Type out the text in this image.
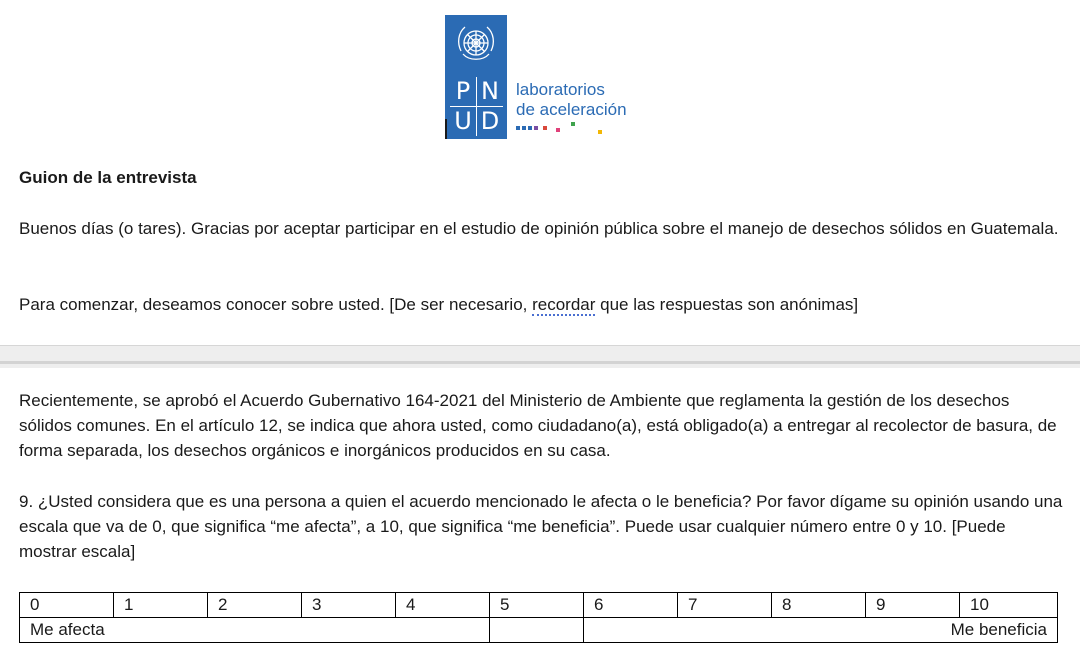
P N
U D
laboratorios
de aceleración
Guion de la entrevista
Buenos días (o tares). Gracias por aceptar participar en el estudio de opinión pública sobre el manejo de desechos sólidos en Guatemala.
Para comenzar, deseamos conocer sobre usted. [De ser necesario, recordar que las respuestas son anónimas]
Recientemente, se aprobó el Acuerdo Gubernativo 164-2021 del Ministerio de Ambiente que reglamenta la gestión de los desechos sólidos comunes. En el artículo 12, se indica que ahora usted, como ciudadano(a), está obligado(a) a entregar al recolector de basura, de forma separada, los desechos orgánicos e inorgánicos producidos en su casa.
9. ¿Usted considera que es una persona a quien el acuerdo mencionado le afecta o le beneficia? Por favor dígame su opinión usando una escala que va de 0, que significa “me afecta”, a 10, que significa “me beneficia”. Puede usar cualquier número entre 0 y 10. [Puede mostrar escala]
0	1	2	3	4	5	6	7	8	9	10
Me afecta						Me beneficia				
